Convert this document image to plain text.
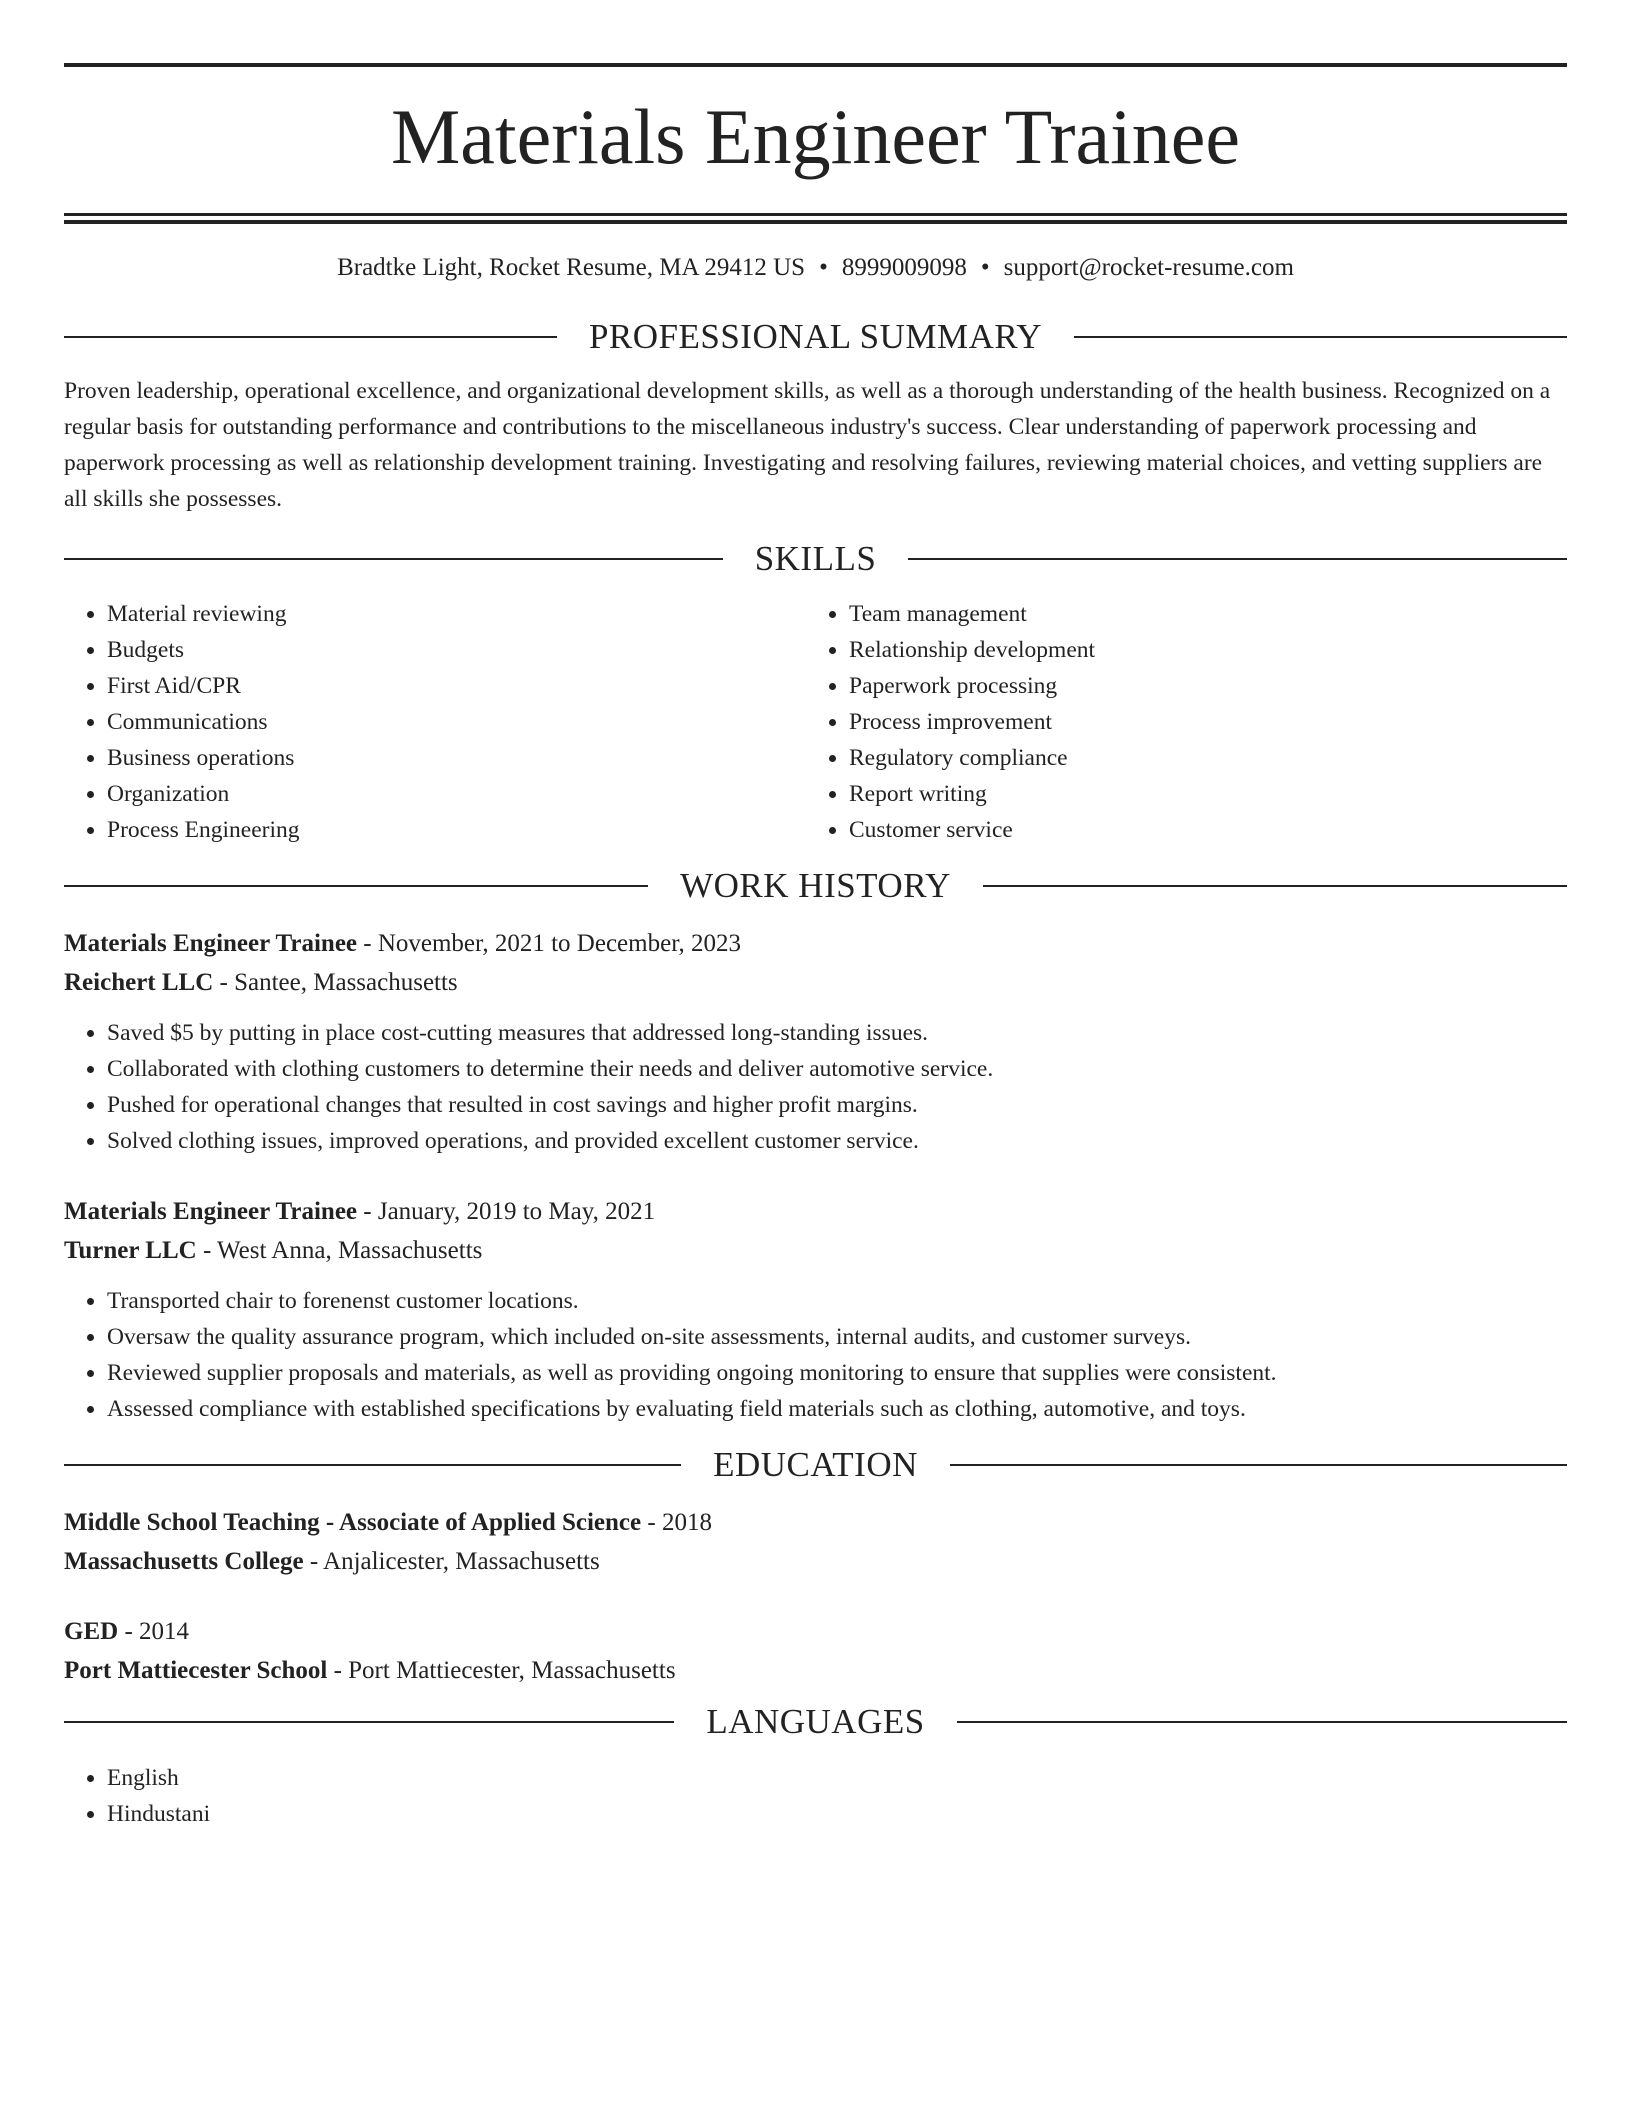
Materials Engineer Trainee
Bradtke Light, Rocket Resume, MA 29412 US • 8999009098 • support@rocket-resume.com
PROFESSIONAL SUMMARY

Proven leadership, operational excellence, and organizational development skills, as well as a thorough understanding of the health business. Recognized on a regular basis for outstanding performance and contributions to the miscellaneous industry's success. Clear understanding of paperwork processing and paperwork processing as well as relationship development training. Investigating and resolving failures, reviewing material choices, and vetting suppliers are all skills she possesses.

SKILLS
• Material reviewing
• Budgets
• First Aid/CPR
• Communications
• Business operations
• Organization
• Process Engineering
• Team management
• Relationship development
• Paperwork processing
• Process improvement
• Regulatory compliance
• Report writing
• Customer service
WORK HISTORY
Materials Engineer Trainee - November, 2021 to December, 2023
Reichert LLC - Santee, Massachusetts
• Saved $5 by putting in place cost-cutting measures that addressed long-standing issues.
• Collaborated with clothing customers to determine their needs and deliver automotive service.
• Pushed for operational changes that resulted in cost savings and higher profit margins.
• Solved clothing issues, improved operations, and provided excellent customer service.
Materials Engineer Trainee - January, 2019 to May, 2021
Turner LLC - West Anna, Massachusetts
• Transported chair to forenenst customer locations.
• Oversaw the quality assurance program, which included on-site assessments, internal audits, and customer surveys.
• Reviewed supplier proposals and materials, as well as providing ongoing monitoring to ensure that supplies were consistent.
• Assessed compliance with established specifications by evaluating field materials such as clothing, automotive, and toys.
EDUCATION
Middle School Teaching - Associate of Applied Science - 2018
Massachusetts College - Anjalicester, Massachusetts
GED - 2014
Port Mattiecester School - Port Mattiecester, Massachusetts
LANGUAGES
• English
• Hindustani
